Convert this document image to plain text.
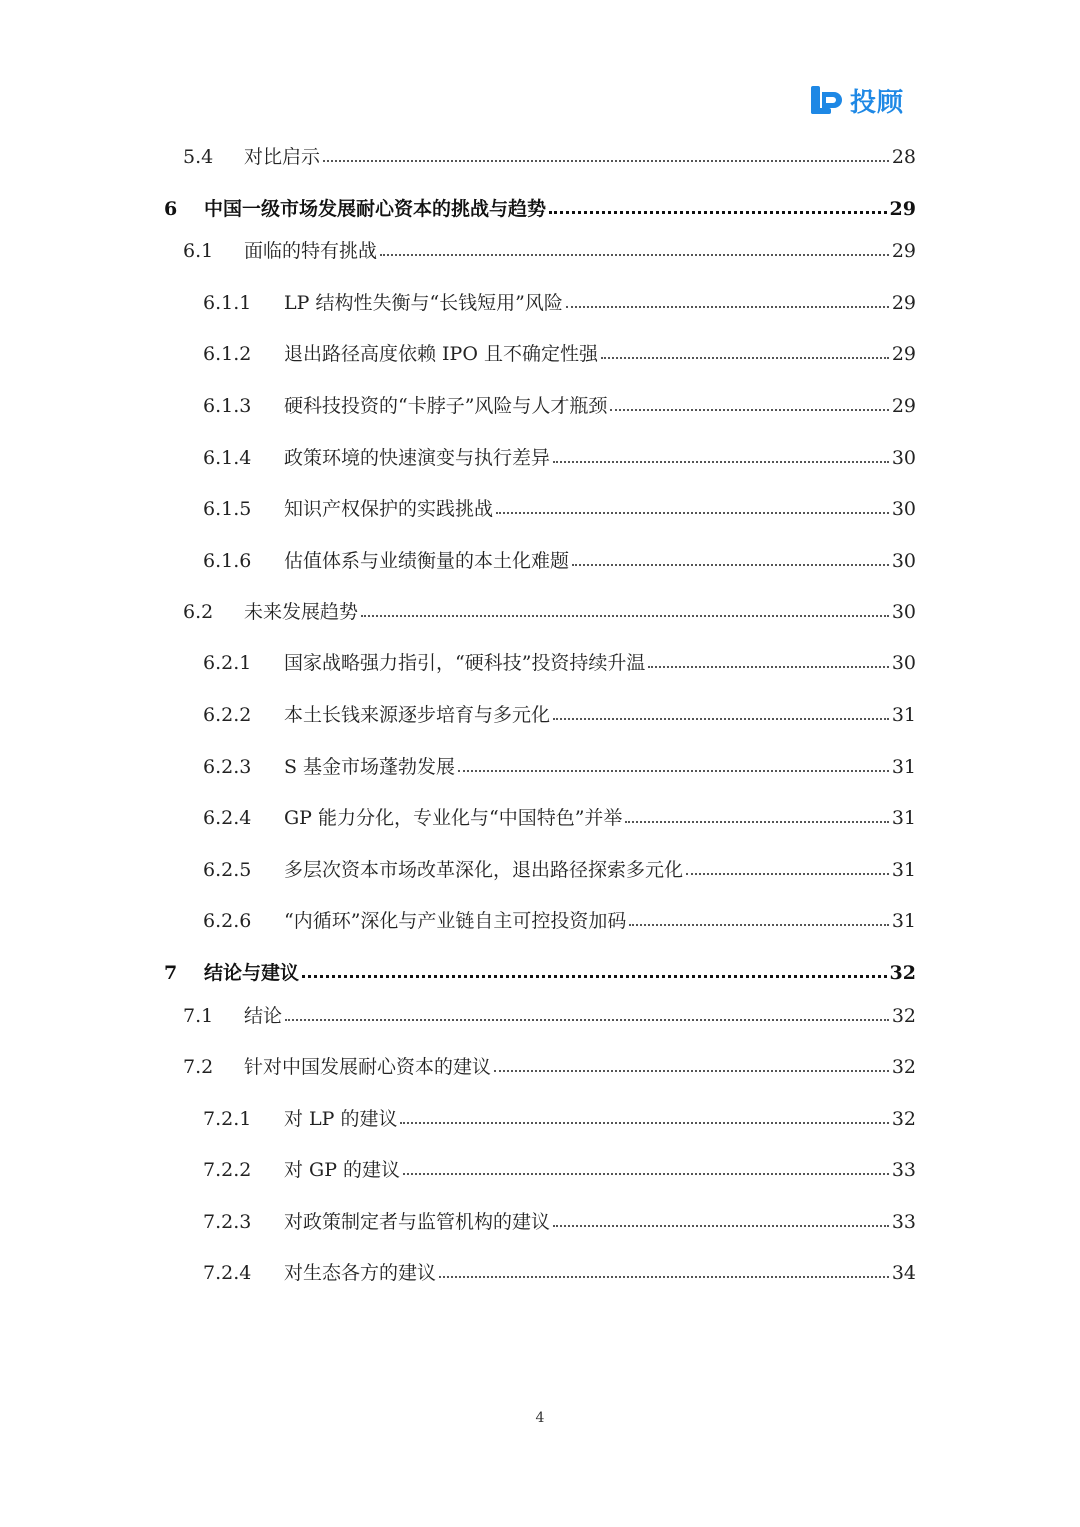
投顾
5.4	对比启示	28
6	中国一级市场发展耐心资本的挑战与趋势	29
6.1	面临的特有挑战	29
6.1.1	LP 结构性失衡与“长钱短用”风险	29
6.1.2	退出路径高度依赖 IPO 且不确定性强	29
6.1.3	硬科技投资的“卡脖子”风险与人才瓶颈	29
6.1.4	政策环境的快速演变与执行差异	30
6.1.5	知识产权保护的实践挑战	30
6.1.6	估值体系与业绩衡量的本土化难题	30
6.2	未来发展趋势	30
6.2.1	国家战略强力指引，“硬科技”投资持续升温	30
6.2.2	本土长钱来源逐步培育与多元化	31
6.2.3	S 基金市场蓬勃发展	31
6.2.4	GP 能力分化，专业化与“中国特色”并举	31
6.2.5	多层次资本市场改革深化，退出路径探索多元化	31
6.2.6	“内循环”深化与产业链自主可控投资加码	31
7	结论与建议	32
7.1	结论	32
7.2	针对中国发展耐心资本的建议	32
7.2.1	对 LP 的建议	32
7.2.2	对 GP 的建议	33
7.2.3	对政策制定者与监管机构的建议	33
7.2.4	对生态各方的建议	34
4
